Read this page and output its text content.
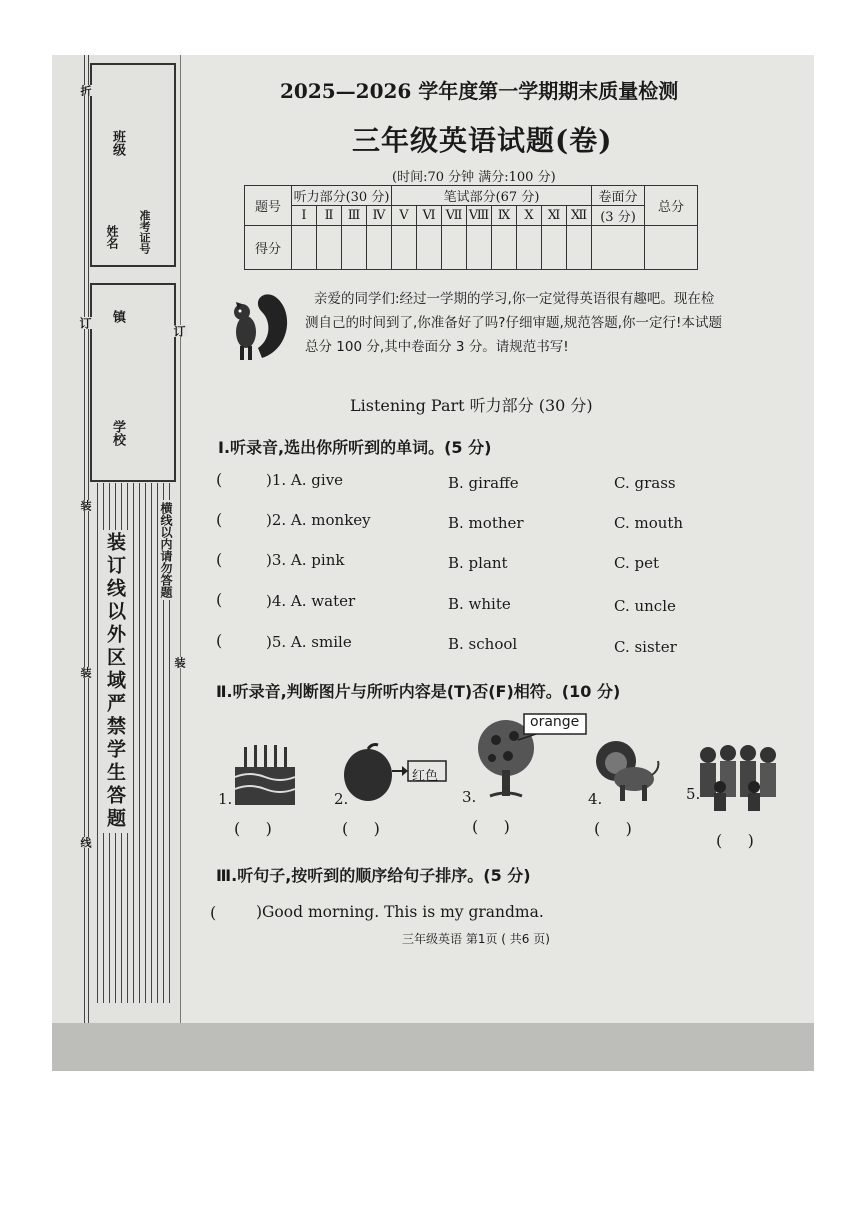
班级
姓名 准考证号
镇
学校
订
订
折
装
装
装
线
装订线以外区域严禁学生答题	横线以内请勿答题
2025—2026 学年度第一学期期末质量检测
三年级英语试题(卷)
(时间:70 分钟 满分:100 分)
题号	听力部分(30 分)				笔试部分(67 分)								卷面分	总分
	Ⅰ	Ⅱ	Ⅲ	Ⅳ	Ⅴ	Ⅵ	Ⅶ	Ⅷ	Ⅸ	Ⅹ	Ⅺ	Ⅻ	(3 分)	
得分														
亲爱的同学们:经过一学期的学习,你一定觉得英语很有趣吧。现在检
测自己的时间到了,你准备好了吗?仔细审题,规范答题,你一定行!本试题
总分 100 分,其中卷面分 3 分。请规范书写!
Listening Part 听力部分 (30 分)
Ⅰ.听录音,选出你所听到的单词。(5 分)
(	)1. A. give	B. giraffe	C. grass
(	)2. A. monkey	B. mother	C. mouth
(	)3. A. pink	B. plant	C. pet
(	)4. A. water	B. white	C. uncle
(	)5. A. smile	B. school	C. sister
Ⅱ.听录音,判断图片与所听内容是(T)否(F)相符。(10 分)
1.
(     )
2.
红色
(     )
3.
orange
(     )
4.
(     )
5.
(     )
Ⅲ.听句子,按听到的顺序给句子排序。(5 分)
(	)Good morning. This is my grandma.
三年级英语 第1页 ( 共6 页)
